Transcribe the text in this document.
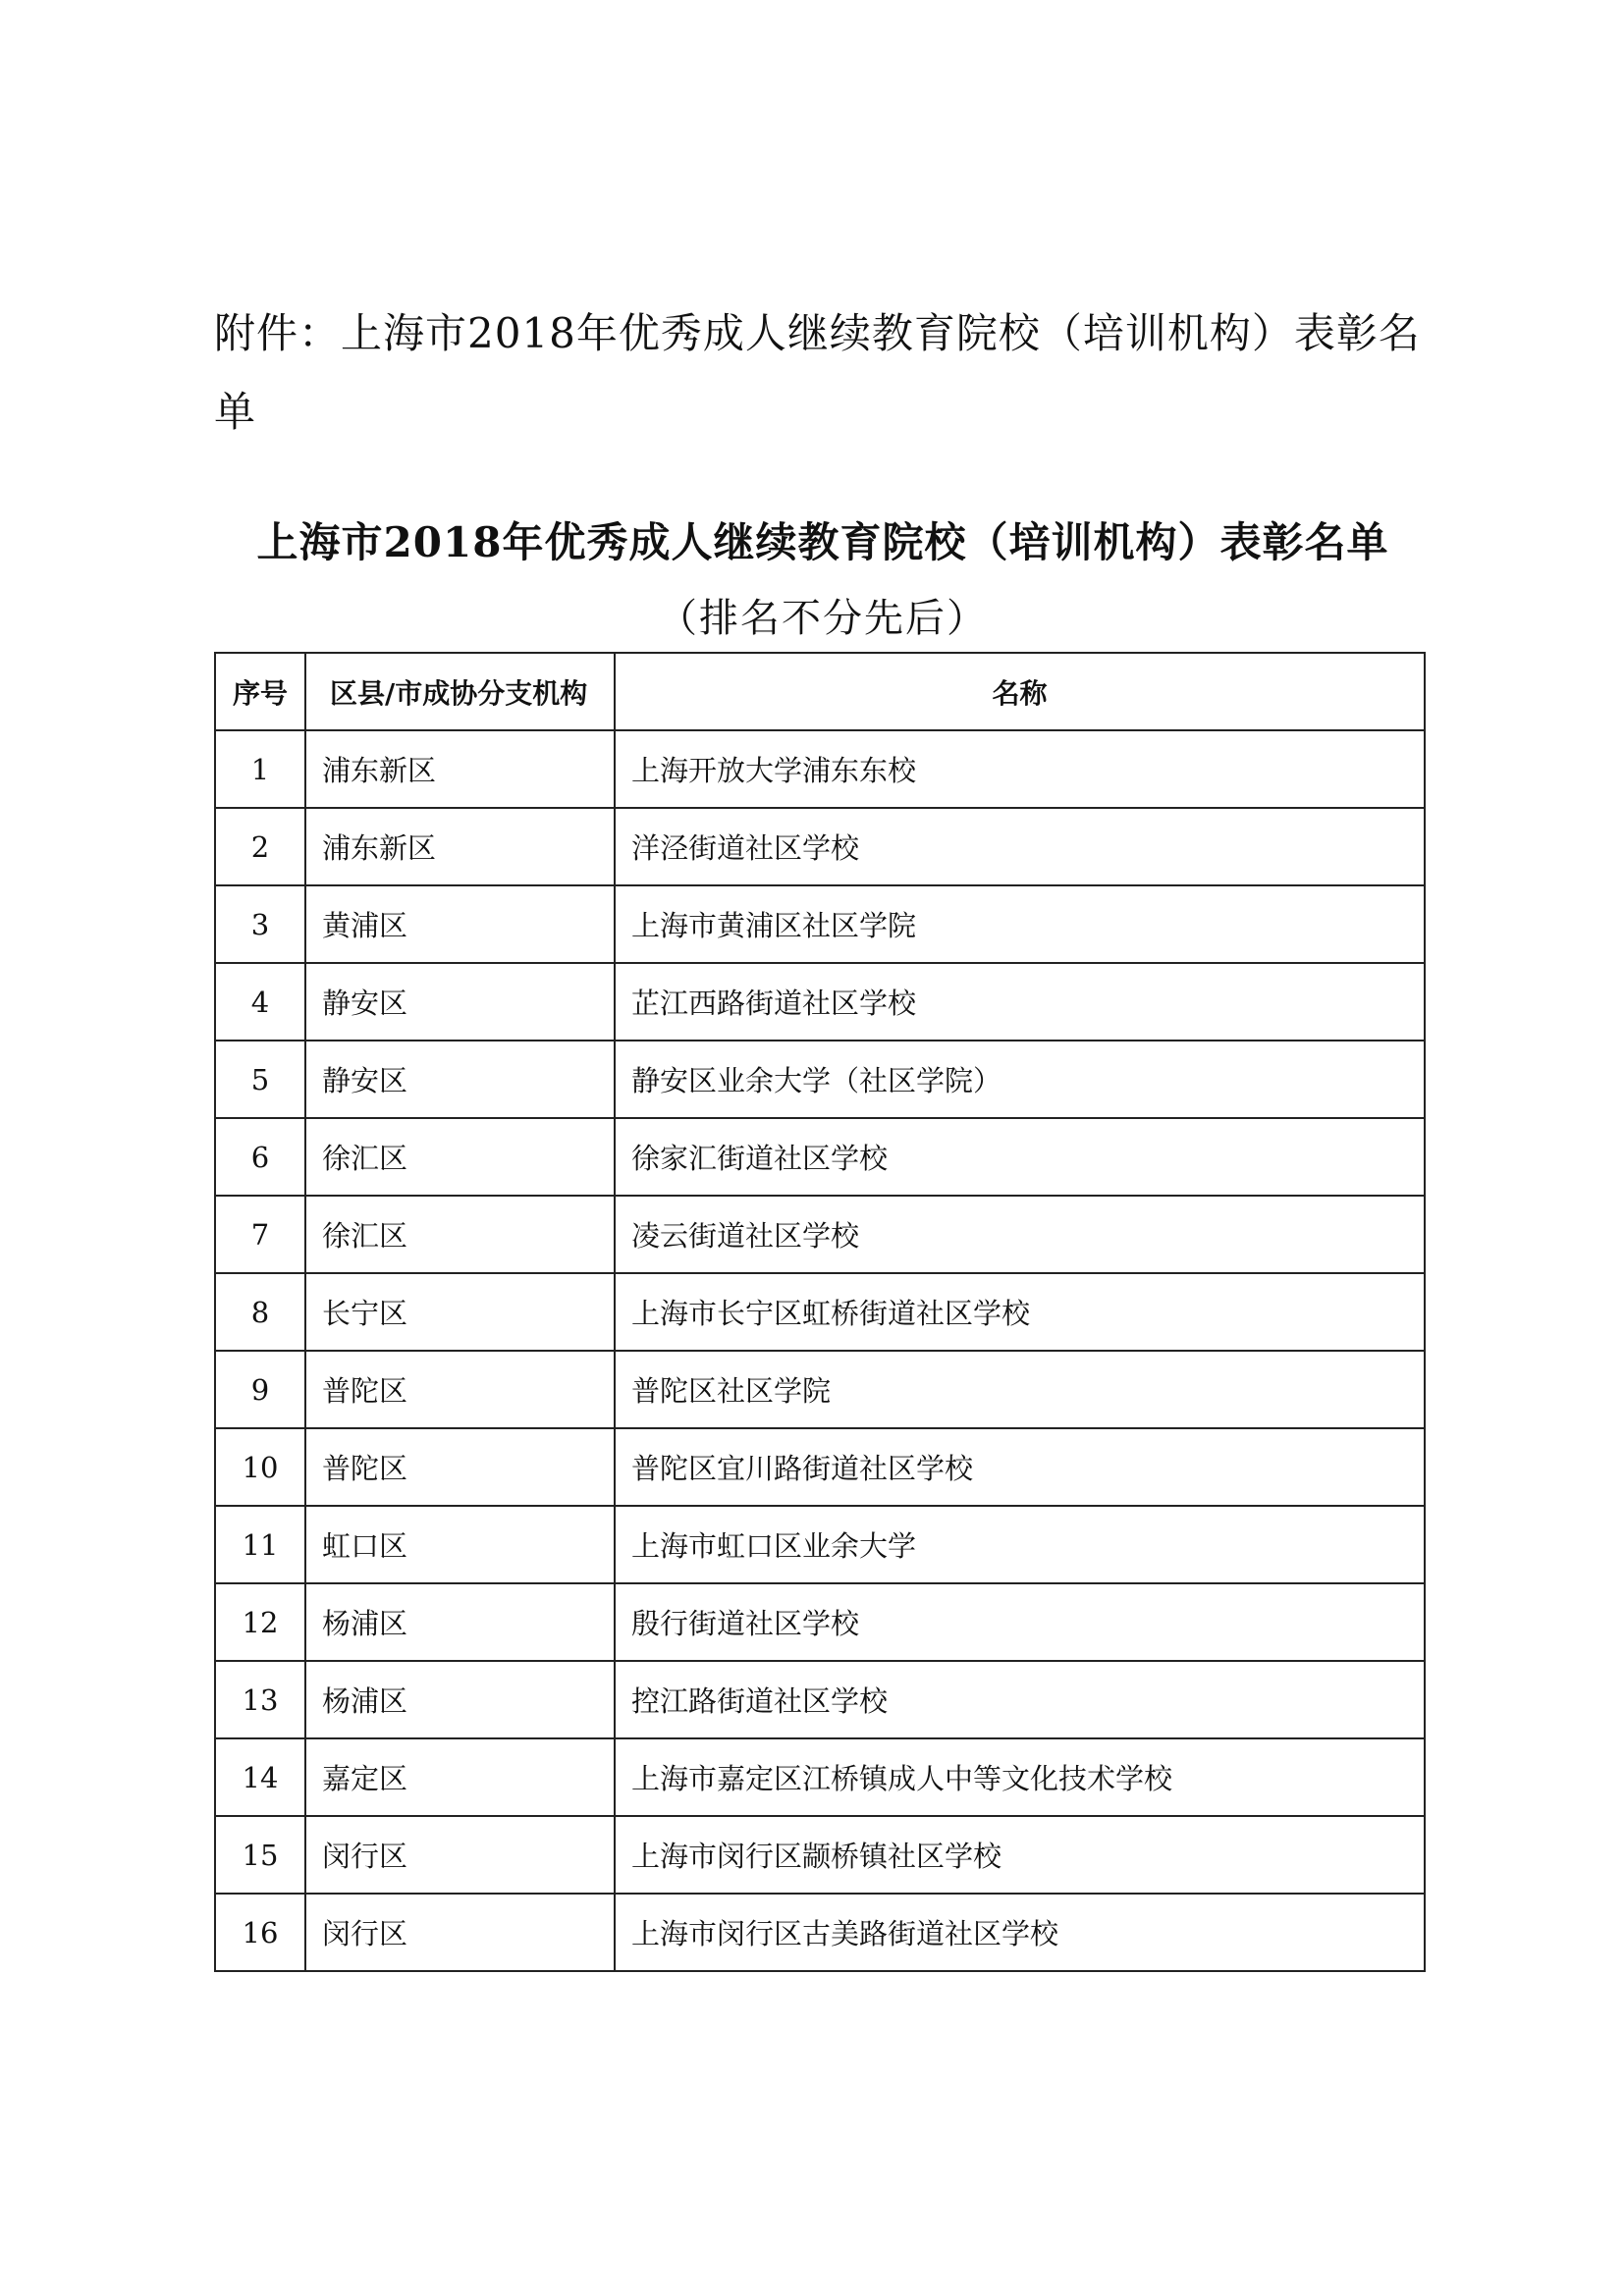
附件：上海市2018年优秀成人继续教育院校（培训机构）表彰名单
上海市2018年优秀成人继续教育院校（培训机构）表彰名单
（排名不分先后）
序号	区县/市成协分支机构	名称
1	浦东新区	上海开放大学浦东东校
2	浦东新区	洋泾街道社区学校
3	黄浦区	上海市黄浦区社区学院
4	静安区	芷江西路街道社区学校
5	静安区	静安区业余大学（社区学院）
6	徐汇区	徐家汇街道社区学校
7	徐汇区	凌云街道社区学校
8	长宁区	上海市长宁区虹桥街道社区学校
9	普陀区	普陀区社区学院
10	普陀区	普陀区宜川路街道社区学校
11	虹口区	上海市虹口区业余大学
12	杨浦区	殷行街道社区学校
13	杨浦区	控江路街道社区学校
14	嘉定区	上海市嘉定区江桥镇成人中等文化技术学校
15	闵行区	上海市闵行区颛桥镇社区学校
16	闵行区	上海市闵行区古美路街道社区学校
